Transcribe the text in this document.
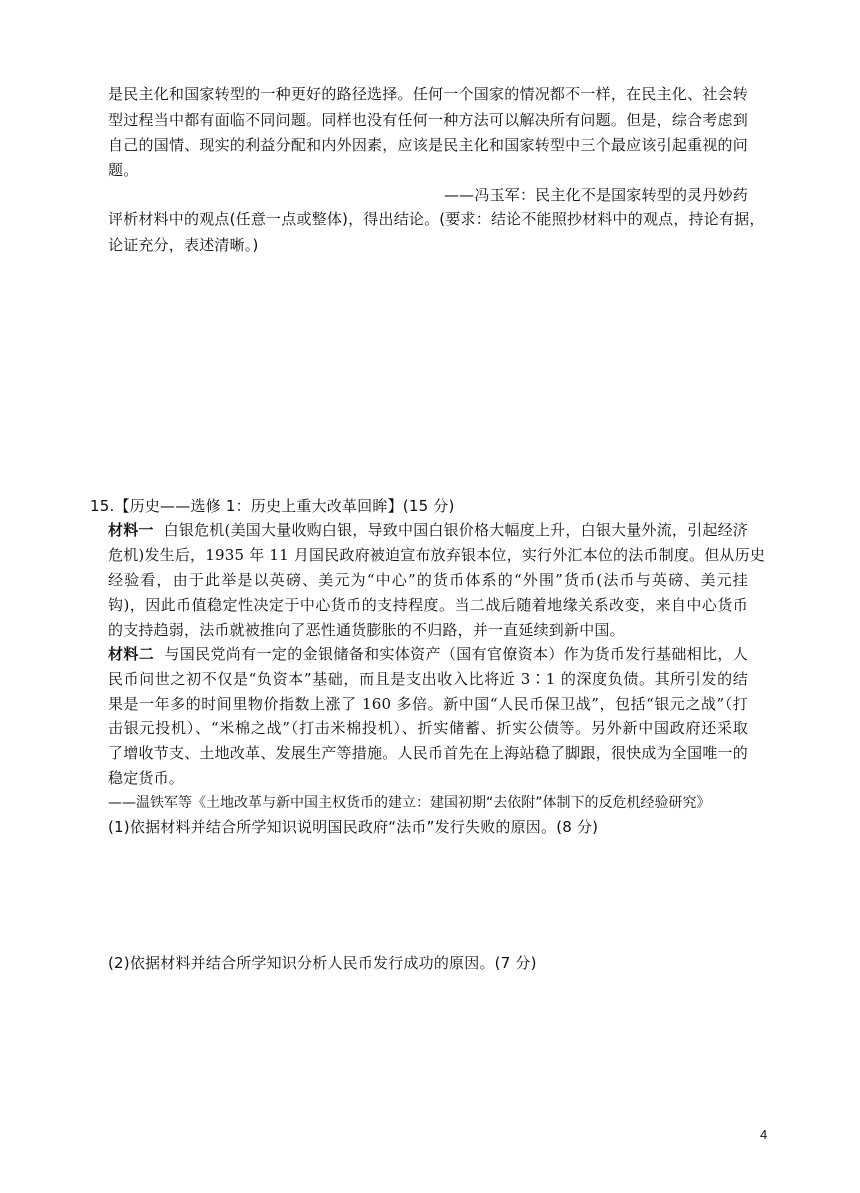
是民主化和国家转型的一种更好的路径选择。任何一个国家的情况都不一样，在民主化、社会转
型过程当中都有面临不同问题。同样也没有任何一种方法可以解决所有问题。但是，综合考虑到
自己的国情、现实的利益分配和内外因素，应该是民主化和国家转型中三个最应该引起重视的问
题。
——冯玉军：民主化不是国家转型的灵丹妙药
评析材料中的观点(任意一点或整体)，得出结论。(要求：结论不能照抄材料中的观点，持论有据，
论证充分，表述清晰。)
15.【历史——选修 1：历史上重大改革回眸】(15 分)
材料一 白银危机(美国大量收购白银，导致中国白银价格大幅度上升，白银大量外流，引起经济
危机)发生后，1935 年 11 月国民政府被迫宣布放弃银本位，实行外汇本位的法币制度。但从历史
经验看，由于此举是以英磅、美元为“中心”的货币体系的“外围”货币(法币与英磅、美元挂
钩)，因此币值稳定性决定于中心货币的支持程度。当二战后随着地缘关系改变，来自中心货币
的支持趋弱，法币就被推向了恶性通货膨胀的不归路，并一直延续到新中国。
材料二 与国民党尚有一定的金银储备和实体资产（国有官僚资本）作为货币发行基础相比，人
民币问世之初不仅是“负资本”基础，而且是支出收入比将近 3∶1 的深度负债。其所引发的结
果是一年多的时间里物价指数上涨了 160 多倍。新中国“人民币保卫战”，包括“银元之战”（打
击银元投机）、“米棉之战”（打击米棉投机）、折实储蓄、折实公债等。另外新中国政府还采取
了增收节支、土地改革、发展生产等措施。人民币首先在上海站稳了脚跟，很快成为全国唯一的
稳定货币。
——温铁军等《土地改革与新中国主权货币的建立：建国初期“去依附”体制下的反危机经验研究》
(1)依据材料并结合所学知识说明国民政府“法币”发行失败的原因。(8 分)
(2)依据材料并结合所学知识分析人民币发行成功的原因。(7 分)
4
